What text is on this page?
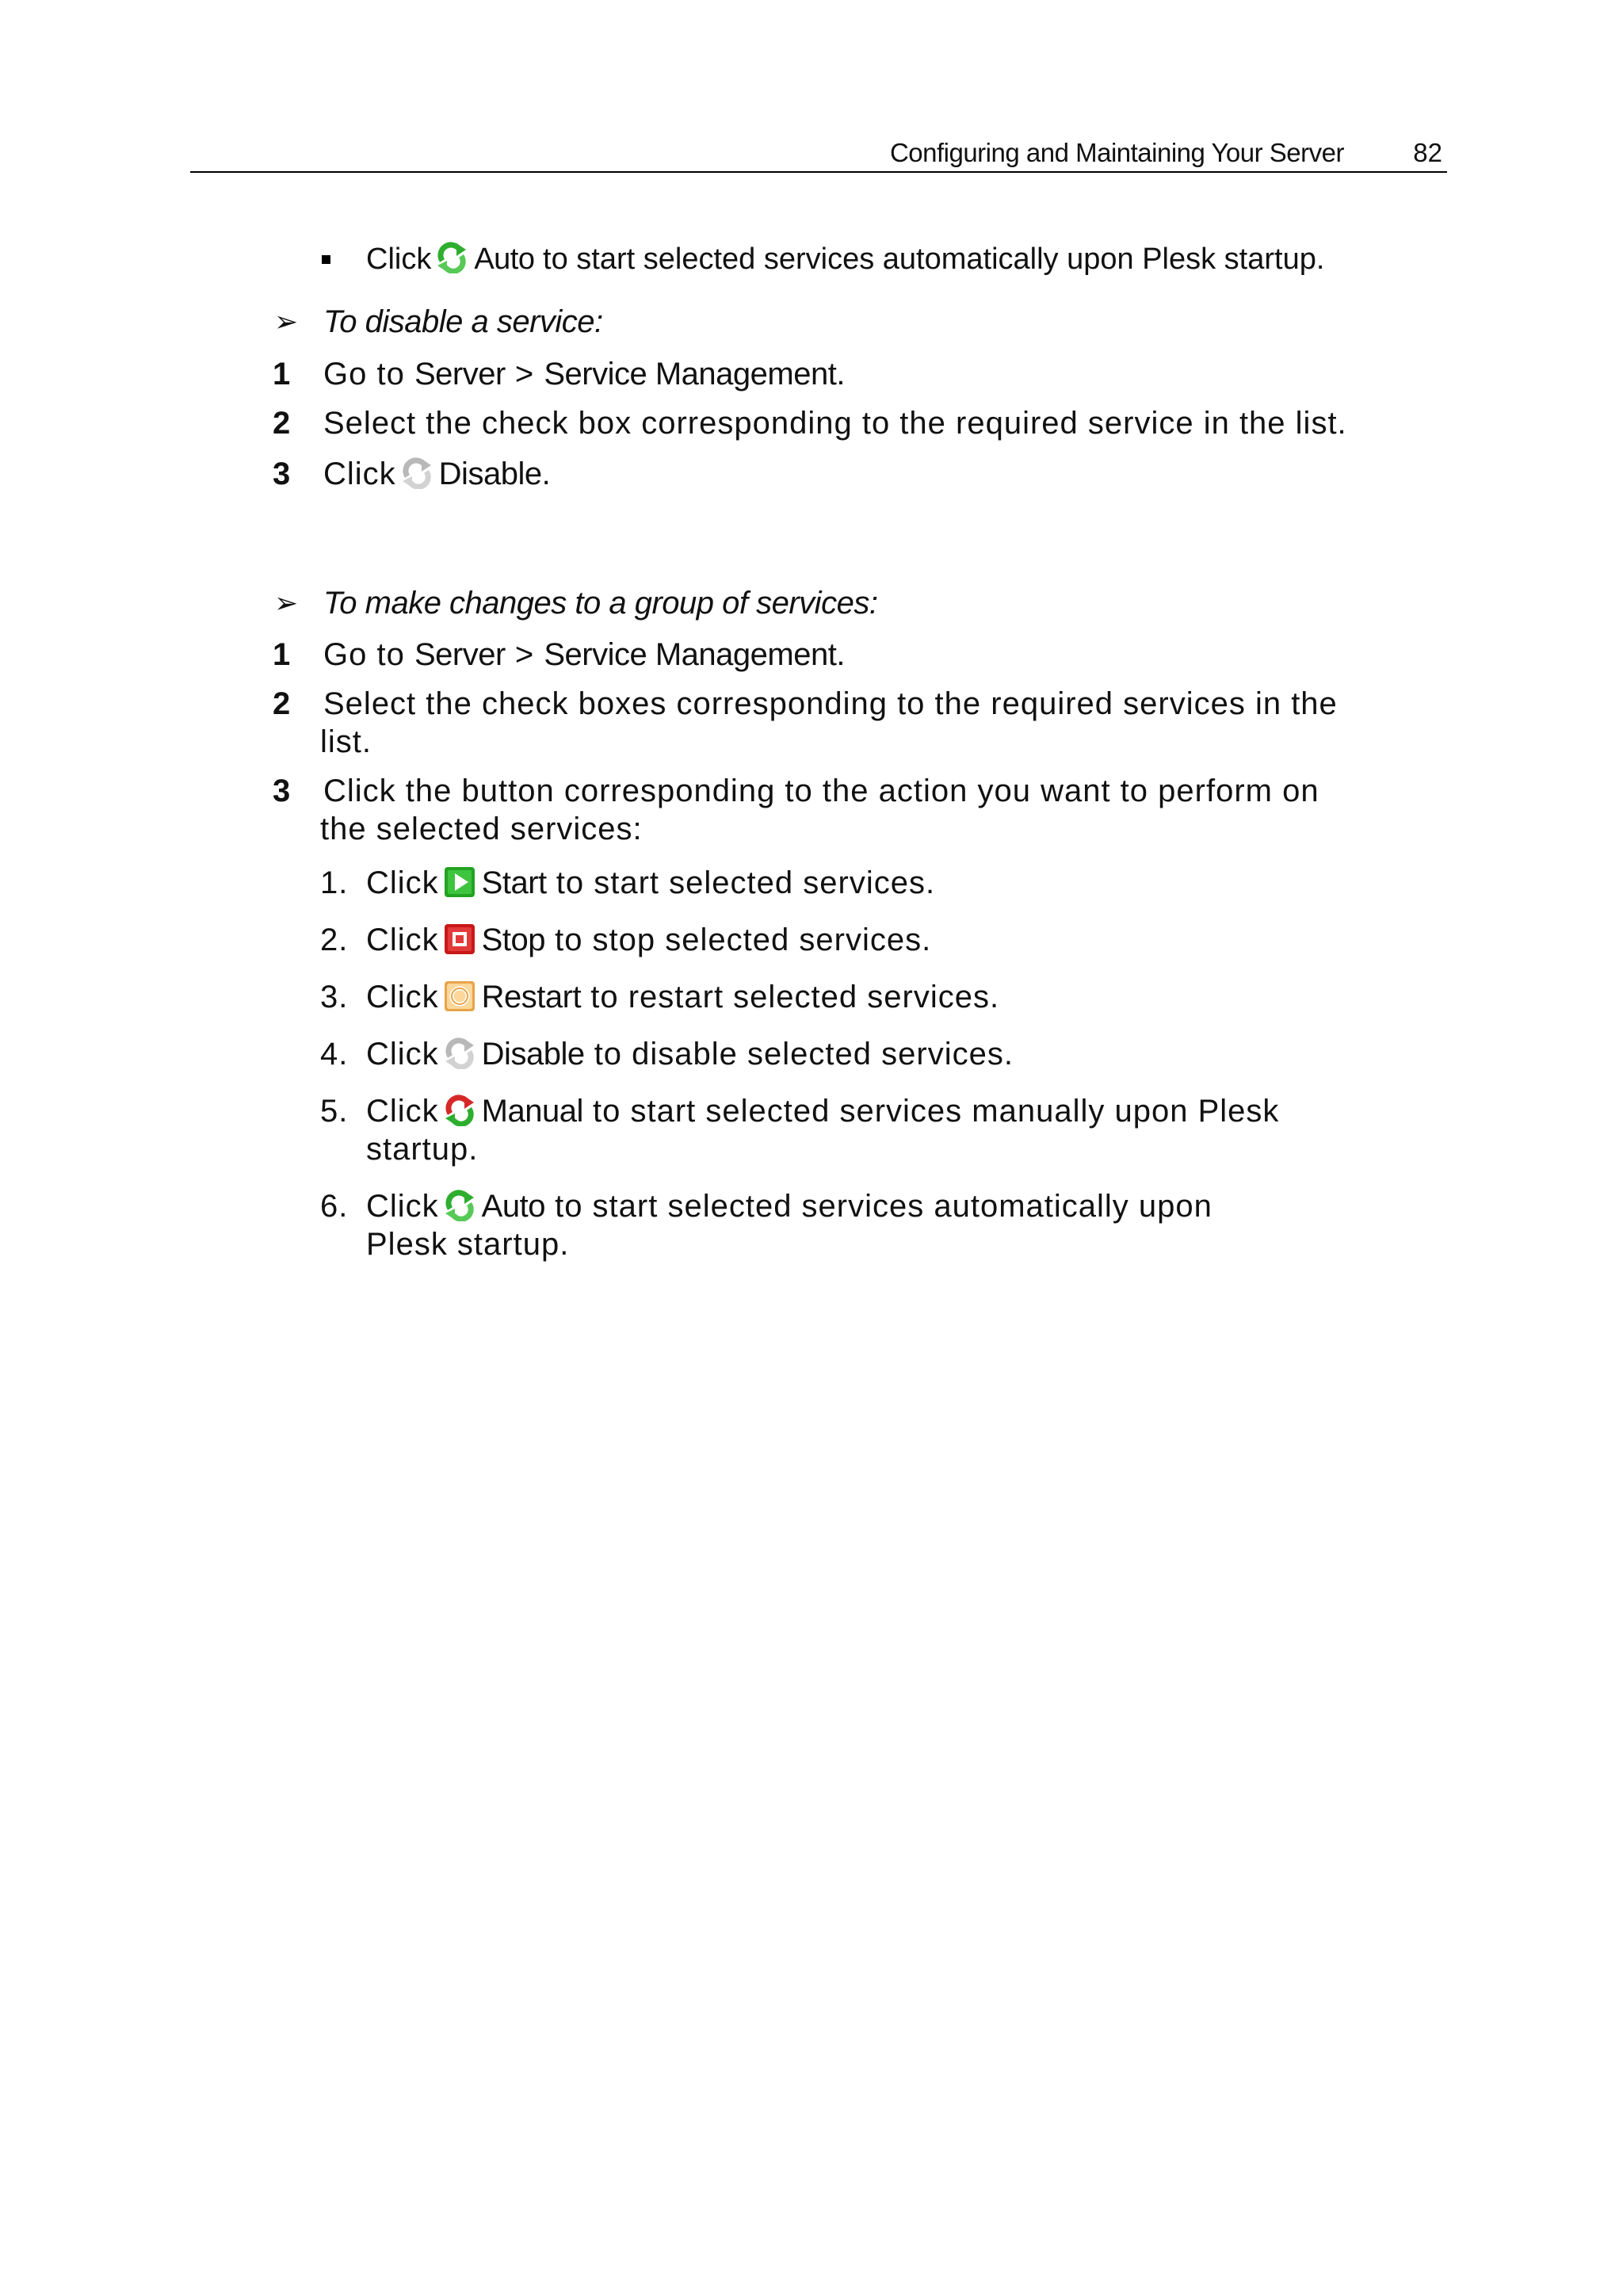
Configuring and Maintaining Your Server	82
Click Auto to start selected services automatically upon Plesk startup.
➢ To disable a service:
1 Go to Server > Service Management.
2 Select the check box corresponding to the required service in the list.
3 Click Disable.
➢ To make changes to a group of services:
1 Go to Server > Service Management.
2 Select the check boxes corresponding to the required services in the
list.
3 Click the button corresponding to the action you want to perform on
the selected services:
1. Click Start to start selected services.
2. Click Stop to stop selected services.
3. Click Restart to restart selected services.
4. Click Disable to disable selected services.
5. Click Manual to start selected services manually upon Plesk
startup.
6. Click Auto to start selected services automatically upon
Plesk startup.
